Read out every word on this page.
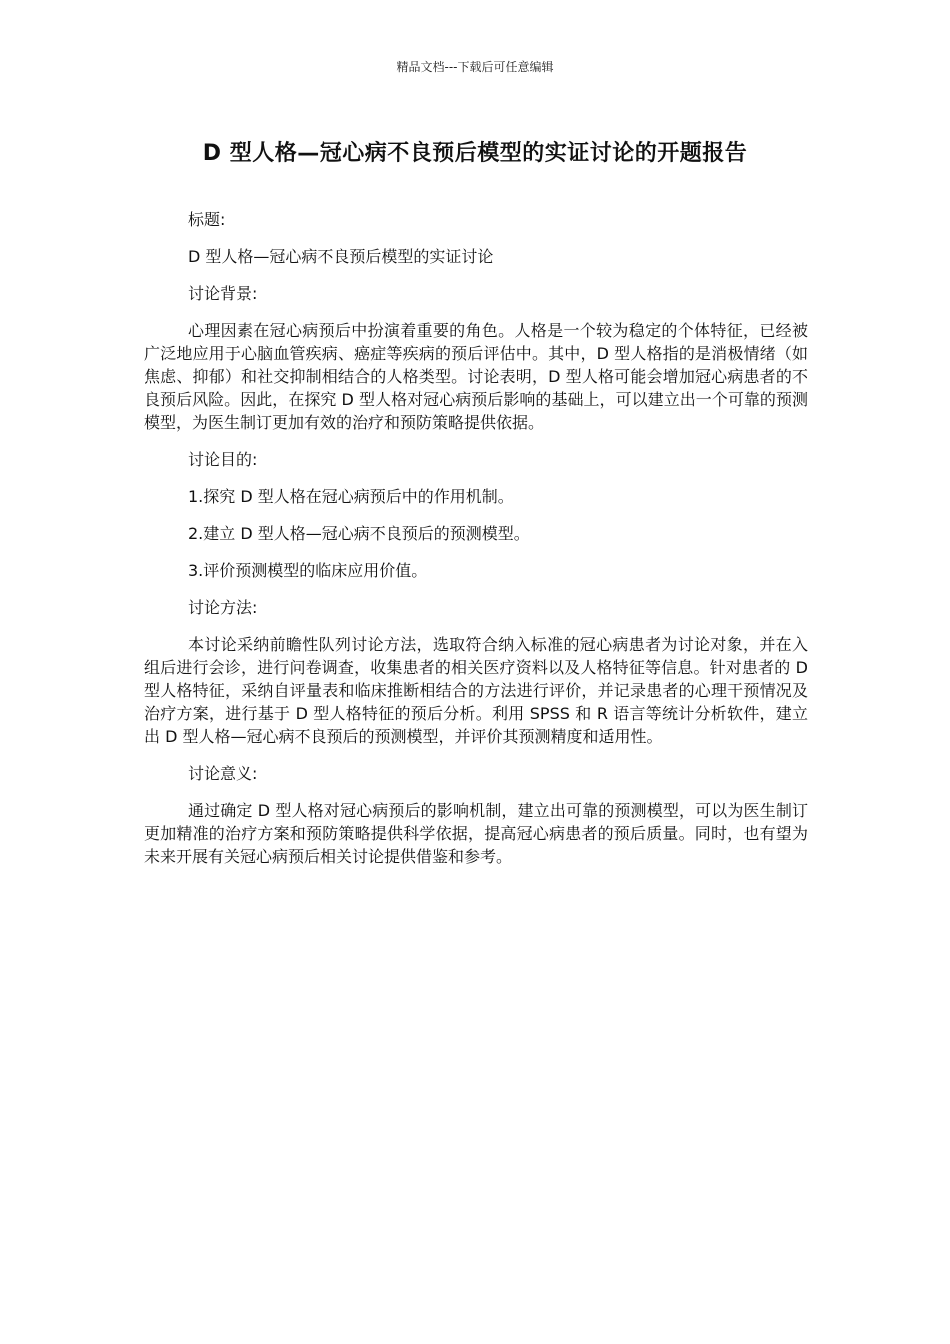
精品文档---下载后可任意编辑
D 型人格—冠心病不良预后模型的实证讨论的开题报告

标题:

D 型人格—冠心病不良预后模型的实证讨论

讨论背景:

心理因素在冠心病预后中扮演着重要的角色。人格是一个较为稳定的个体特征，已经被广泛地应用于心脑血管疾病、癌症等疾病的预后评估中。其中，D 型人格指的是消极情绪（如焦虑、抑郁）和社交抑制相结合的人格类型。讨论表明，D 型人格可能会增加冠心病患者的不良预后风险。因此，在探究 D 型人格对冠心病预后影响的基础上，可以建立出一个可靠的预测模型，为医生制订更加有效的治疗和预防策略提供依据。

讨论目的:

1.探究 D 型人格在冠心病预后中的作用机制。

2.建立 D 型人格—冠心病不良预后的预测模型。

3.评价预测模型的临床应用价值。

讨论方法:

本讨论采纳前瞻性队列讨论方法，选取符合纳入标准的冠心病患者为讨论对象，并在入组后进行会诊，进行问卷调查，收集患者的相关医疗资料以及人格特征等信息。针对患者的 D 型人格特征，采纳自评量表和临床推断相结合的方法进行评价，并记录患者的心理干预情况及治疗方案，进行基于 D 型人格特征的预后分析。利用 SPSS 和 R 语言等统计分析软件，建立出 D 型人格—冠心病不良预后的预测模型，并评价其预测精度和适用性。

讨论意义:

通过确定 D 型人格对冠心病预后的影响机制，建立出可靠的预测模型，可以为医生制订更加精准的治疗方案和预防策略提供科学依据，提高冠心病患者的预后质量。同时，也有望为未来开展有关冠心病预后相关讨论提供借鉴和参考。
